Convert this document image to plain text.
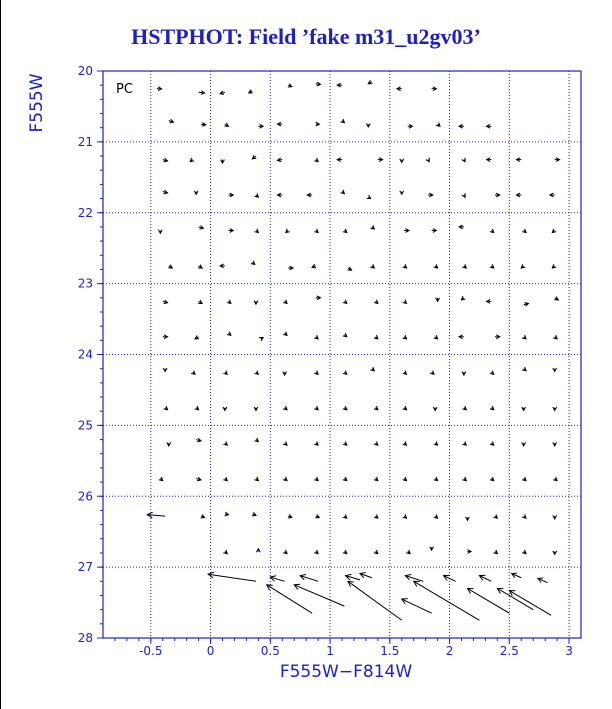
HSTPHOT: Field ’fake m31_u2gv03’
-0.5	0	0.5	1	1.5	2	2.5	3
20
21
22
23
24
25
26
27
28
PC
F555W−F814W
F555W
